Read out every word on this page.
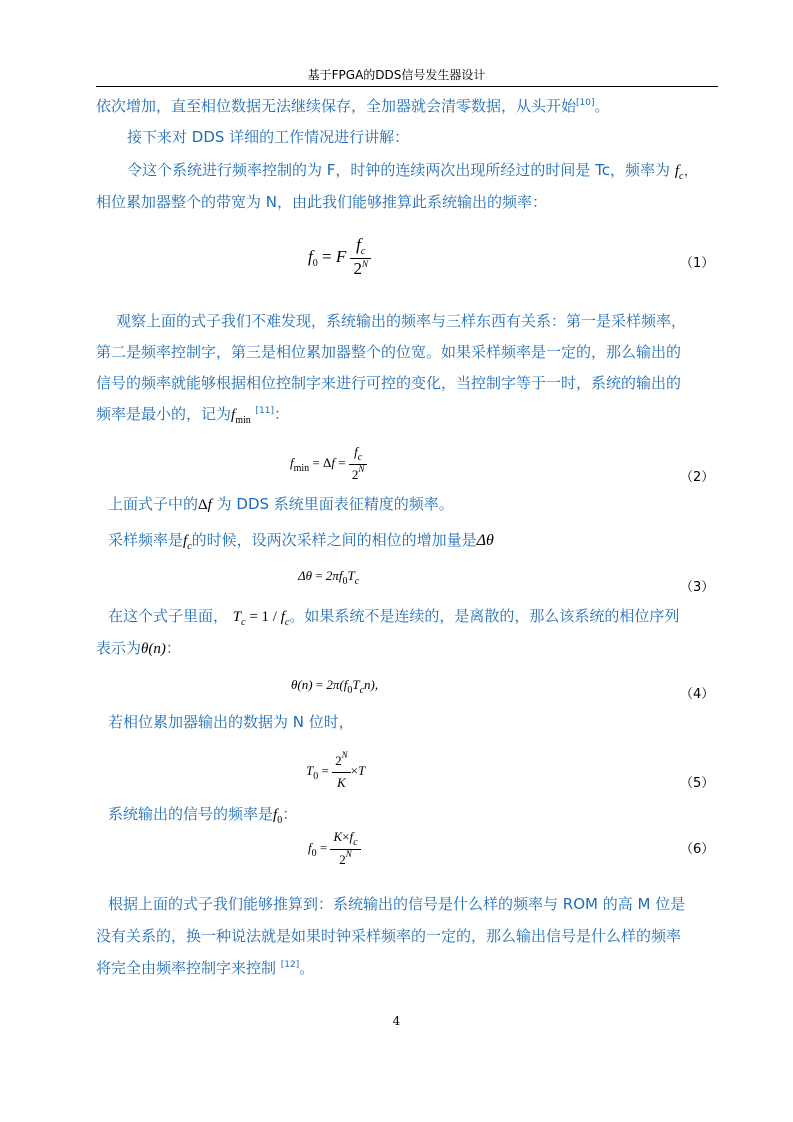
基于FPGA的DDS信号发生器设计
依次增加，直至相位数据无法继续保存，全加器就会清零数据，从头开始[10]。
接下来对 DDS 详细的工作情况进行讲解：
令这个系统进行频率控制的为 F，时钟的连续两次出现所经过的时间是 Tc，频率为 $f_c$，
相位累加器整个的带宽为 N，由此我们能够推算此系统输出的频率：
$f_0 = F \frac{f_c}{2^N}$	（1）
观察上面的式子我们不难发现，系统输出的频率与三样东西有关系：第一是采样频率，
第二是频率控制字，第三是相位累加器整个的位宽。如果采样频率是一定的，那么输出的
信号的频率就能够根据相位控制字来进行可控的变化，当控制字等于一时，系统的输出的
频率是最小的，记为$f_{min}$ [11]：
$f_{min} = \Delta f = \frac{f_c}{2^N}$	（2）
上面式子中的Δf 为 DDS 系统里面表征精度的频率。
采样频率是$f_c$的时候，设两次采样之间的相位的增加量是Δθ
$\Delta\theta = 2\pi f_0T_c$	（3）
在这个式子里面， $T_c = 1 / f_c$。如果系统不是连续的，是离散的，那么该系统的相位序列
表示为θ(n)：
$\theta(n) = 2\pi(f_0T_cn)$,
（4）
若相位累加器输出的数据为 N 位时，
$T_0 = \frac{2^N}{K} \times T$
（5）
系统输出的信号的频率是$f_0$：
$f_0 = \frac{K\times f_c}{2^N}$	（6）
根据上面的式子我们能够推算到：系统输出的信号是什么样的频率与 ROM 的高 M 位是
没有关系的，换一种说法就是如果时钟采样频率的一定的，那么输出信号是什么样的频率
将完全由频率控制字来控制 [12]。
4
